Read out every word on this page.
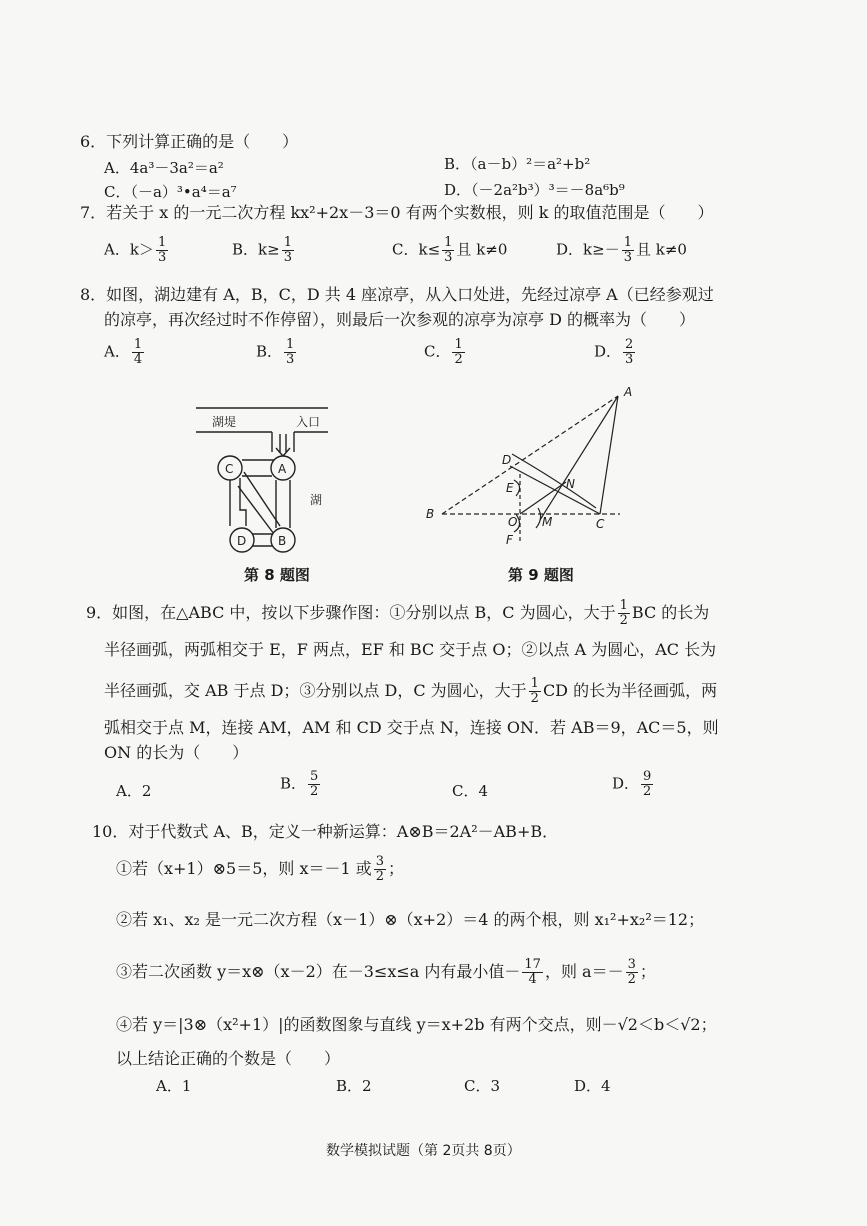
6．下列计算正确的是（　　）
A．4a³－3a²＝a²	B．（a－b）²＝a²+b²
C．（－a）³•a⁴＝a⁷	D．（－2a²b³）³＝－8a⁶b⁹
7．若关于 x 的一元二次方程 kx²+2x－3＝0 有两个实数根，则 k 的取值范围是（　　）
A．$k> \frac{1}{3}$	B．$k\ge \frac{1}{3}$	C．$k\le \frac{1}{3}$ 且 k≠0	D．$k\ge- \frac{1}{3}$ 且 k≠0
8．如图，湖边建有 A，B，C，D 共 4 座凉亭，从入口处进，先经过凉亭 A（已经参观过
的凉亭，再次经过时不作停留），则最后一次参观的凉亭为凉亭 D 的概率为（　　）
A． $\frac{1}{4}$	B． $\frac{1}{3}$	C． $\frac{1}{2}$	D． $\frac{2}{3}$
湖堤	入口
湖
C	A
D	B
第 8 题图
A
B
C
D
E
F
O M
N
第 9 题图
9．如图，在△ABC 中，按以下步骤作图：①分别以点 B，C 为圆心，大于 $\frac{1}{2}$ BC 的长为
半径画弧，两弧相交于 E，F 两点，EF 和 BC 交于点 O；②以点 A 为圆心，AC 长为
半径画弧，交 AB 于点 D；③分别以点 D，C 为圆心，大于 $\frac{1}{2}$ CD 的长为半径画弧，两
弧相交于点 M，连接 AM，AM 和 CD 交于点 N，连接 ON．若 AB＝9，AC＝5，则
ON 的长为（　　）
A．2	B． $\frac{5}{2}$	C．4	D． $\frac{9}{2}$
10．对于代数式 A、B，定义一种新运算：A⊗B＝2A²－AB+B．
①若（x+1）⊗5＝5，则 x＝－1 或 $\frac{3}{2}$ ；
②若 x₁、x₂ 是一元二次方程（x－1）⊗（x+2）＝4 的两个根，则 x₁²+x₂²＝12；
③若二次函数 y＝x⊗（x－2）在－3≤x≤a 内有最小值－ $\frac{17}{4}$ ，则 $a=- \frac{3}{2}$ ；
④若 y＝|3⊗（x²+1）|的函数图象与直线 y＝x+2b 有两个交点，则－√2＜b＜√2；
以上结论正确的个数是（　　）
A．1	B．2	C．3	D．4
数学模拟试题（第 2页共 8页）
